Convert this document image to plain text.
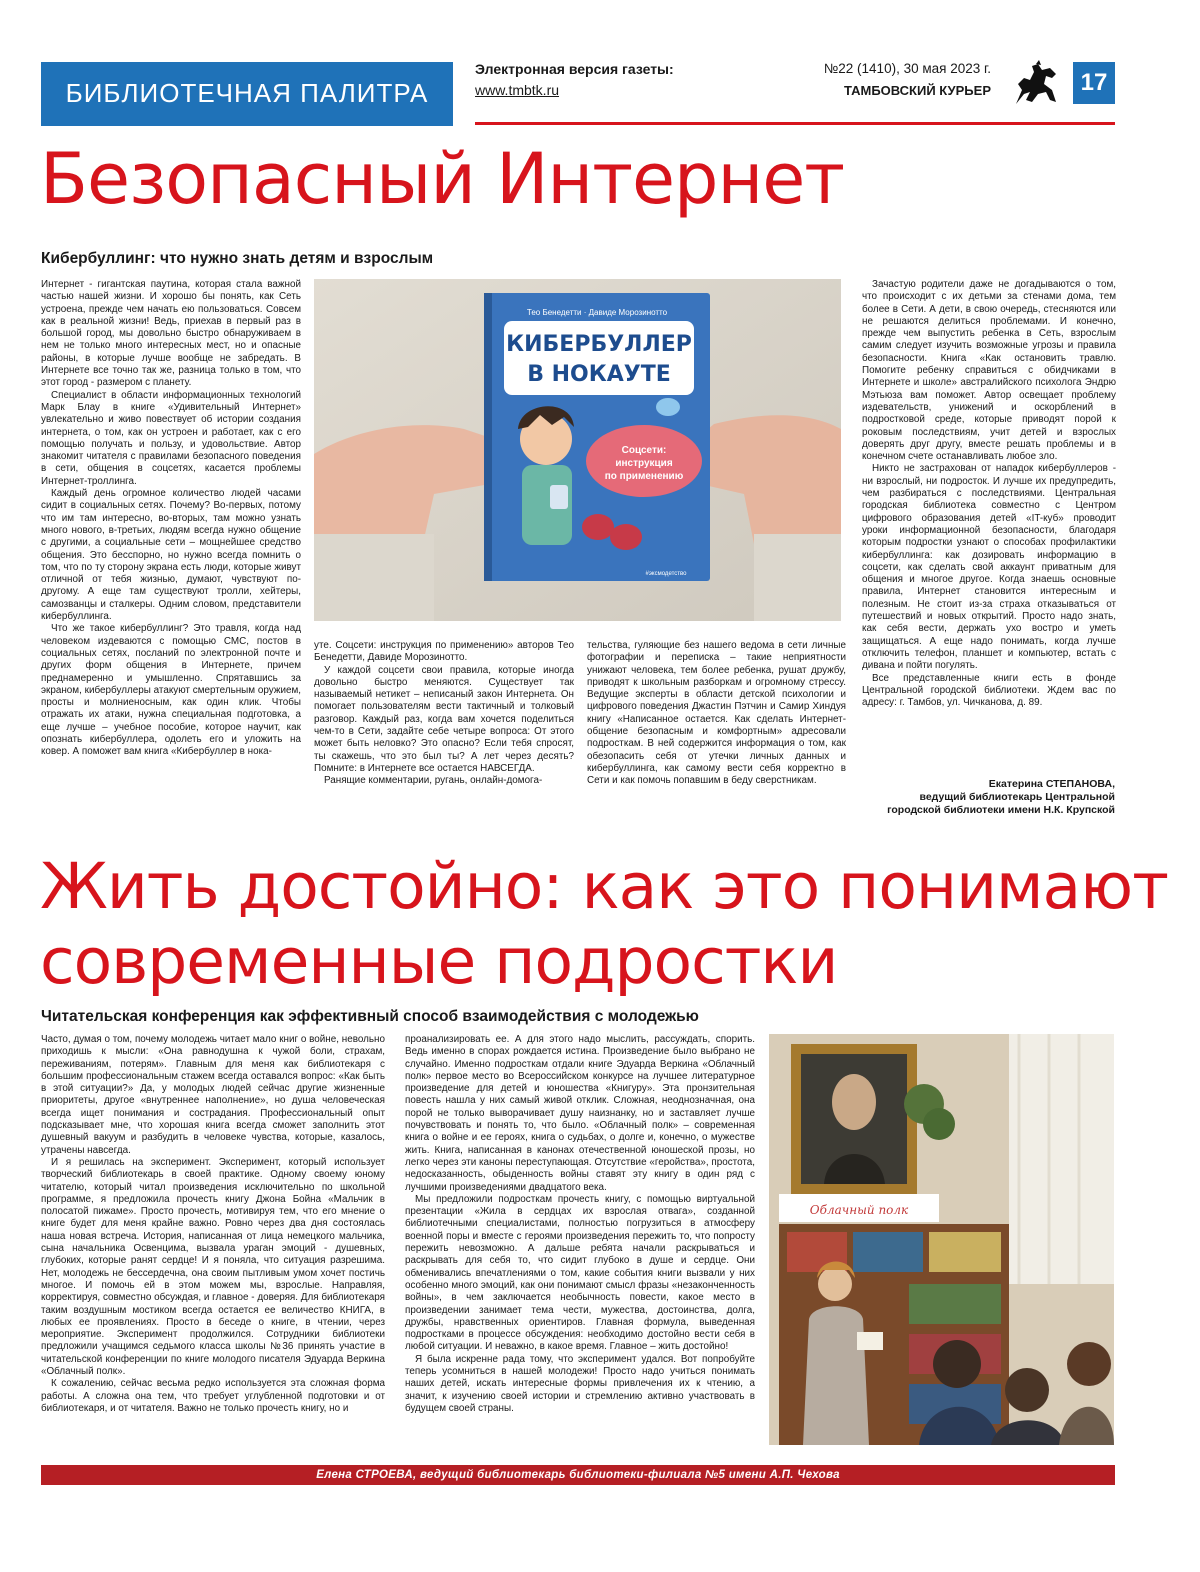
БИБЛИОТЕЧНАЯ ПАЛИТРА
Электронная версия газеты:
www.tmbtk.ru
№22 (1410), 30 мая 2023 г.
ТАМБОВСКИЙ КУРЬЕР	17
Безопасный Интернет
Кибербуллинг: что нужно знать детям и взрослым

Интернет - гигантская паутина, которая стала важной частью нашей жизни. И хорошо бы понять, как Сеть устроена, прежде чем начать ею пользоваться. Совсем как в реальной жизни! Ведь, приехав в первый раз в большой город, мы довольно быстро обнаруживаем в нем не только много интересных мест, но и опасные районы, в которые лучше вообще не забредать. В Интернете все точно так же, разница только в том, что этот город - размером с планету.

Специалист в области информационных технологий Марк Блау в книге «Удивительный Интернет» увлекательно и живо повествует об истории создания интернета, о том, как он устроен и работает, как с его помощью получать и пользу, и удовольствие. Автор знакомит читателя с правилами безопасного поведения в сети, общения в соцсетях, касается проблемы Интернет-троллинга.

Каждый день огромное количество людей часами сидит в социальных сетях. Почему? Во-первых, потому что им там интересно, во-вторых, там можно узнать много нового, в-третьих, людям всегда нужно общение с другими, а социальные сети – мощнейшее средство общения. Это бесспорно, но нужно всегда помнить о том, что по ту сторону экрана есть люди, которые живут отличной от тебя жизнью, думают, чувствуют по-другому. А еще там существуют тролли, хейтеры, самозванцы и сталкеры. Одним словом, представители кибербуллинга.

Что же такое кибербуллинг? Это травля, когда над человеком издеваются с помощью СМС, постов в социальных сетях, посланий по электронной почте и других форм общения в Интернете, причем преднамеренно и умышленно. Спрятавшись за экраном, кибербуллеры атакуют смертельным оружием, просты и молниеносным, как один клик. Чтобы отражать их атаки, нужна специальная подготовка, а еще лучше – учебное пособие, которое научит, как опознать кибербуллера, одолеть его и уложить на ковер. А поможет вам книга «Кибербуллер в нока-

Тео Бенедетти · Давиде Морозинотто
КИБЕРБУЛЛЕР
В НОКАУТЕ
Соцсети:
инструкция
по применению
#эксмодетство

уте. Соцсети: инструкция по применению» авторов Тео Бенедетти, Давиде Морозинотто.

У каждой соцсети свои правила, которые иногда довольно быстро меняются. Существует так называемый нетикет – неписаный закон Интернета. Он помогает пользователям вести тактичный и толковый разговор. Каждый раз, когда вам хочется поделиться чем-то в Сети, задайте себе четыре вопроса: От этого может быть неловко? Это опасно? Если тебя спросят, ты скажешь, что это был ты? А лет через десять? Помните: в Интернете все остается НАВСЕГДА.

Ранящие комментарии, ругань, онлайн-домога-

тельства, гуляющие без нашего ведома в сети личные фотографии и переписка – такие неприятности унижают человека, тем более ребенка, рушат дружбу, приводят к школьным разборкам и огромному стрессу. Ведущие эксперты в области детской психологии и цифрового поведения Джастин Пэтчин и Самир Хиндуя книгу «Написанное остается. Как сделать Интернет-общение безопасным и комфортным» адресовали подросткам. В ней содержится информация о том, как обезопасить себя от утечки личных данных и кибербуллинга, как самому вести себя корректно в Сети и как помочь попавшим в беду сверстникам.

Зачастую родители даже не догадываются о том, что происходит с их детьми за стенами дома, тем более в Сети. А дети, в свою очередь, стесняются или не решаются делиться проблемами. И конечно, прежде чем выпустить ребенка в Сеть, взрослым самим следует изучить возможные угрозы и правила безопасности. Книга «Как остановить травлю. Помогите ребенку справиться с обидчиками в Интернете и школе» австралийского психолога Эндрю Мэтьюза вам поможет. Автор освещает проблему издевательств, унижений и оскорблений в подростковой среде, которые приводят порой к роковым последствиям, учит детей и взрослых доверять друг другу, вместе решать проблемы и в конечном счете останавливать любое зло.

Никто не застрахован от нападок кибербуллеров - ни взрослый, ни подросток. И лучше их предупредить, чем разбираться с последствиями. Центральная городская библиотека совместно с Центром цифрового образования детей «IT-куб» проводит уроки информационной безопасности, благодаря которым подростки узнают о способах профилактики кибербуллинга: как дозировать информацию в соцсети, как сделать свой аккаунт приватным для общения и многое другое. Когда знаешь основные правила, Интернет становится интересным и полезным. Не стоит из-за страха отказываться от путешествий и новых открытий. Просто надо знать, как себя вести, держать ухо востро и уметь защищаться. А еще надо понимать, когда лучше отключить телефон, планшет и компьютер, встать с дивана и пойти погулять.

Все представленные книги есть в фонде Центральной городской библиотеки. Ждем вас по адресу: г. Тамбов, ул. Чичканова, д. 89.

Екатерина СТЕПАНОВА,
ведущий библиотекарь Центральной
городской библиотеки имени Н.К. Крупской
Жить достойно: как это понимают
современные подростки
Читательская конференция как эффективный способ взаимодействия с молодежью

Часто, думая о том, почему молодежь читает мало книг о войне, невольно приходишь к мысли: «Она равнодушна к чужой боли, страхам, переживаниям, потерям». Главным для меня как библиотекаря с большим профессиональным стажем всегда оставался вопрос: «Как быть в этой ситуации?» Да, у молодых людей сейчас другие жизненные приоритеты, другое «внутреннее наполнение», но душа человеческая всегда ищет понимания и сострадания. Профессиональный опыт подсказывает мне, что хорошая книга всегда сможет заполнить этот душевный вакуум и разбудить в человеке чувства, которые, казалось, утрачены навсегда.

И я решилась на эксперимент. Эксперимент, который использует творческий библиотекарь в своей практике. Одному своему юному читателю, который читал произведения исключительно по школьной программе, я предложила прочесть книгу Джона Бойна «Мальчик в полосатой пижаме». Просто прочесть, мотивируя тем, что его мнение о книге будет для меня крайне важно. Ровно через два дня состоялась наша новая встреча. История, написанная от лица немецкого мальчика, сына начальника Освенцима, вызвала ураган эмоций - душевных, глубоких, которые ранят сердце! И я поняла, что ситуация разрешима. Нет, молодежь не бессердечна, она своим пытливым умом хочет постичь многое. И помочь ей в этом можем мы, взрослые. Направляя, корректируя, совместно обсуждая, и главное - доверяя. Для библиотекаря таким воздушным мостиком всегда остается ее величество КНИГА, в любых ее проявлениях. Просто в беседе о книге, в чтении, через мероприятие. Эксперимент продолжился. Сотрудники библиотеки предложили учащимся седьмого класса школы №36 принять участие в читательской конференции по книге молодого писателя Эдуарда Веркина «Облачный полк».

К сожалению, сейчас весьма редко используется эта сложная форма работы. А сложна она тем, что требует углубленной подготовки и от библиотекаря, и от читателя. Важно не только прочесть книгу, но и

проанализировать ее. А для этого надо мыслить, рассуждать, спорить. Ведь именно в спорах рождается истина. Произведение было выбрано не случайно. Именно подросткам отдали книге Эдуарда Веркина «Облачный полк» первое место во Всероссийском конкурсе на лучшее литературное произведение для детей и юношества «Книгуру». Эта пронзительная повесть нашла у них самый живой отклик. Сложная, неоднозначная, она порой не только выворачивает душу наизнанку, но и заставляет лучше почувствовать и понять то, что было. «Облачный полк» – современная книга о войне и ее героях, книга о судьбах, о долге и, конечно, о мужестве жить. Книга, написанная в канонах отечественной юношеской прозы, но легко через эти каноны переступающая. Отсутствие «геройства», простота, недосказанность, обыденность войны ставят эту книгу в один ряд с лучшими произведениями двадцатого века.

Мы предложили подросткам прочесть книгу, с помощью виртуальной презентации «Жила в сердцах их взрослая отвага», созданной библиотечными специалистами, полностью погрузиться в атмосферу военной поры и вместе с героями произведения пережить то, что попросту пережить невозможно. А дальше ребята начали раскрываться и раскрывать для себя то, что сидит глубоко в душе и сердце. Они обменивались впечатлениями о том, какие события книги вызвали у них особенно много эмоций, как они понимают смысл фразы «незаконченность войны», в чем заключается необычность повести, какое место в произведении занимает тема чести, мужества, достоинства, долга, дружбы, нравственных ориентиров. Главная формула, выведенная подростками в процессе обсуждения: необходимо достойно вести себя в любой ситуации. И неважно, в какое время. Главное – жить достойно!

Я была искренне рада тому, что эксперимент удался. Вот попробуйте теперь усомниться в нашей молодежи! Просто надо учиться понимать наших детей, искать интересные формы привлечения их к чтению, а значит, к изучению своей истории и стремлению активно участвовать в будущем своей страны.

Облачный полк
Елена СТРОЕВА, ведущий библиотекарь библиотеки-филиала №5 имени А.П. Чехова
